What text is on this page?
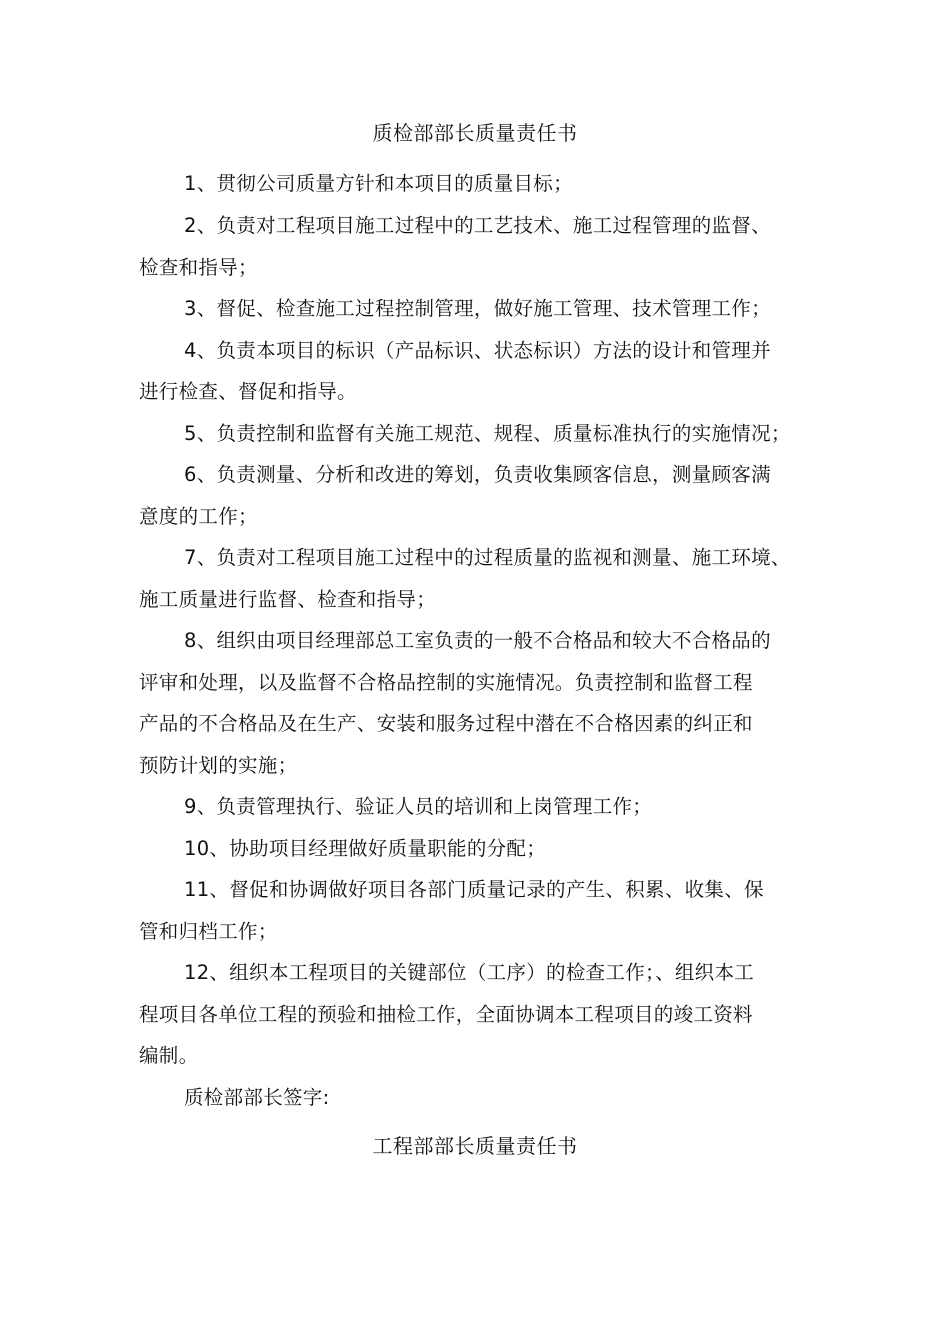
质检部部长质量责任书
1、贯彻公司质量方针和本项目的质量目标；
2、负责对工程项目施工过程中的工艺技术、施工过程管理的监督、
检查和指导；
3、督促、检查施工过程控制管理，做好施工管理、技术管理工作；
4、负责本项目的标识（产品标识、状态标识）方法的设计和管理并
进行检查、督促和指导。
5、负责控制和监督有关施工规范、规程、质量标准执行的实施情况；
6、负责测量、分析和改进的筹划，负责收集顾客信息，测量顾客满
意度的工作；
7、负责对工程项目施工过程中的过程质量的监视和测量、施工环境、
施工质量进行监督、检查和指导；
8、组织由项目经理部总工室负责的一般不合格品和较大不合格品的
评审和处理，以及监督不合格品控制的实施情况。负责控制和监督工程
产品的不合格品及在生产、安装和服务过程中潜在不合格因素的纠正和
预防计划的实施；
9、负责管理执行、验证人员的培训和上岗管理工作；
10、协助项目经理做好质量职能的分配；
11、督促和协调做好项目各部门质量记录的产生、积累、收集、保
管和归档工作；
12、组织本工程项目的关键部位（工序）的检查工作；、组织本工
程项目各单位工程的预验和抽检工作，全面协调本工程项目的竣工资料
编制。
质检部部长签字:
工程部部长质量责任书
